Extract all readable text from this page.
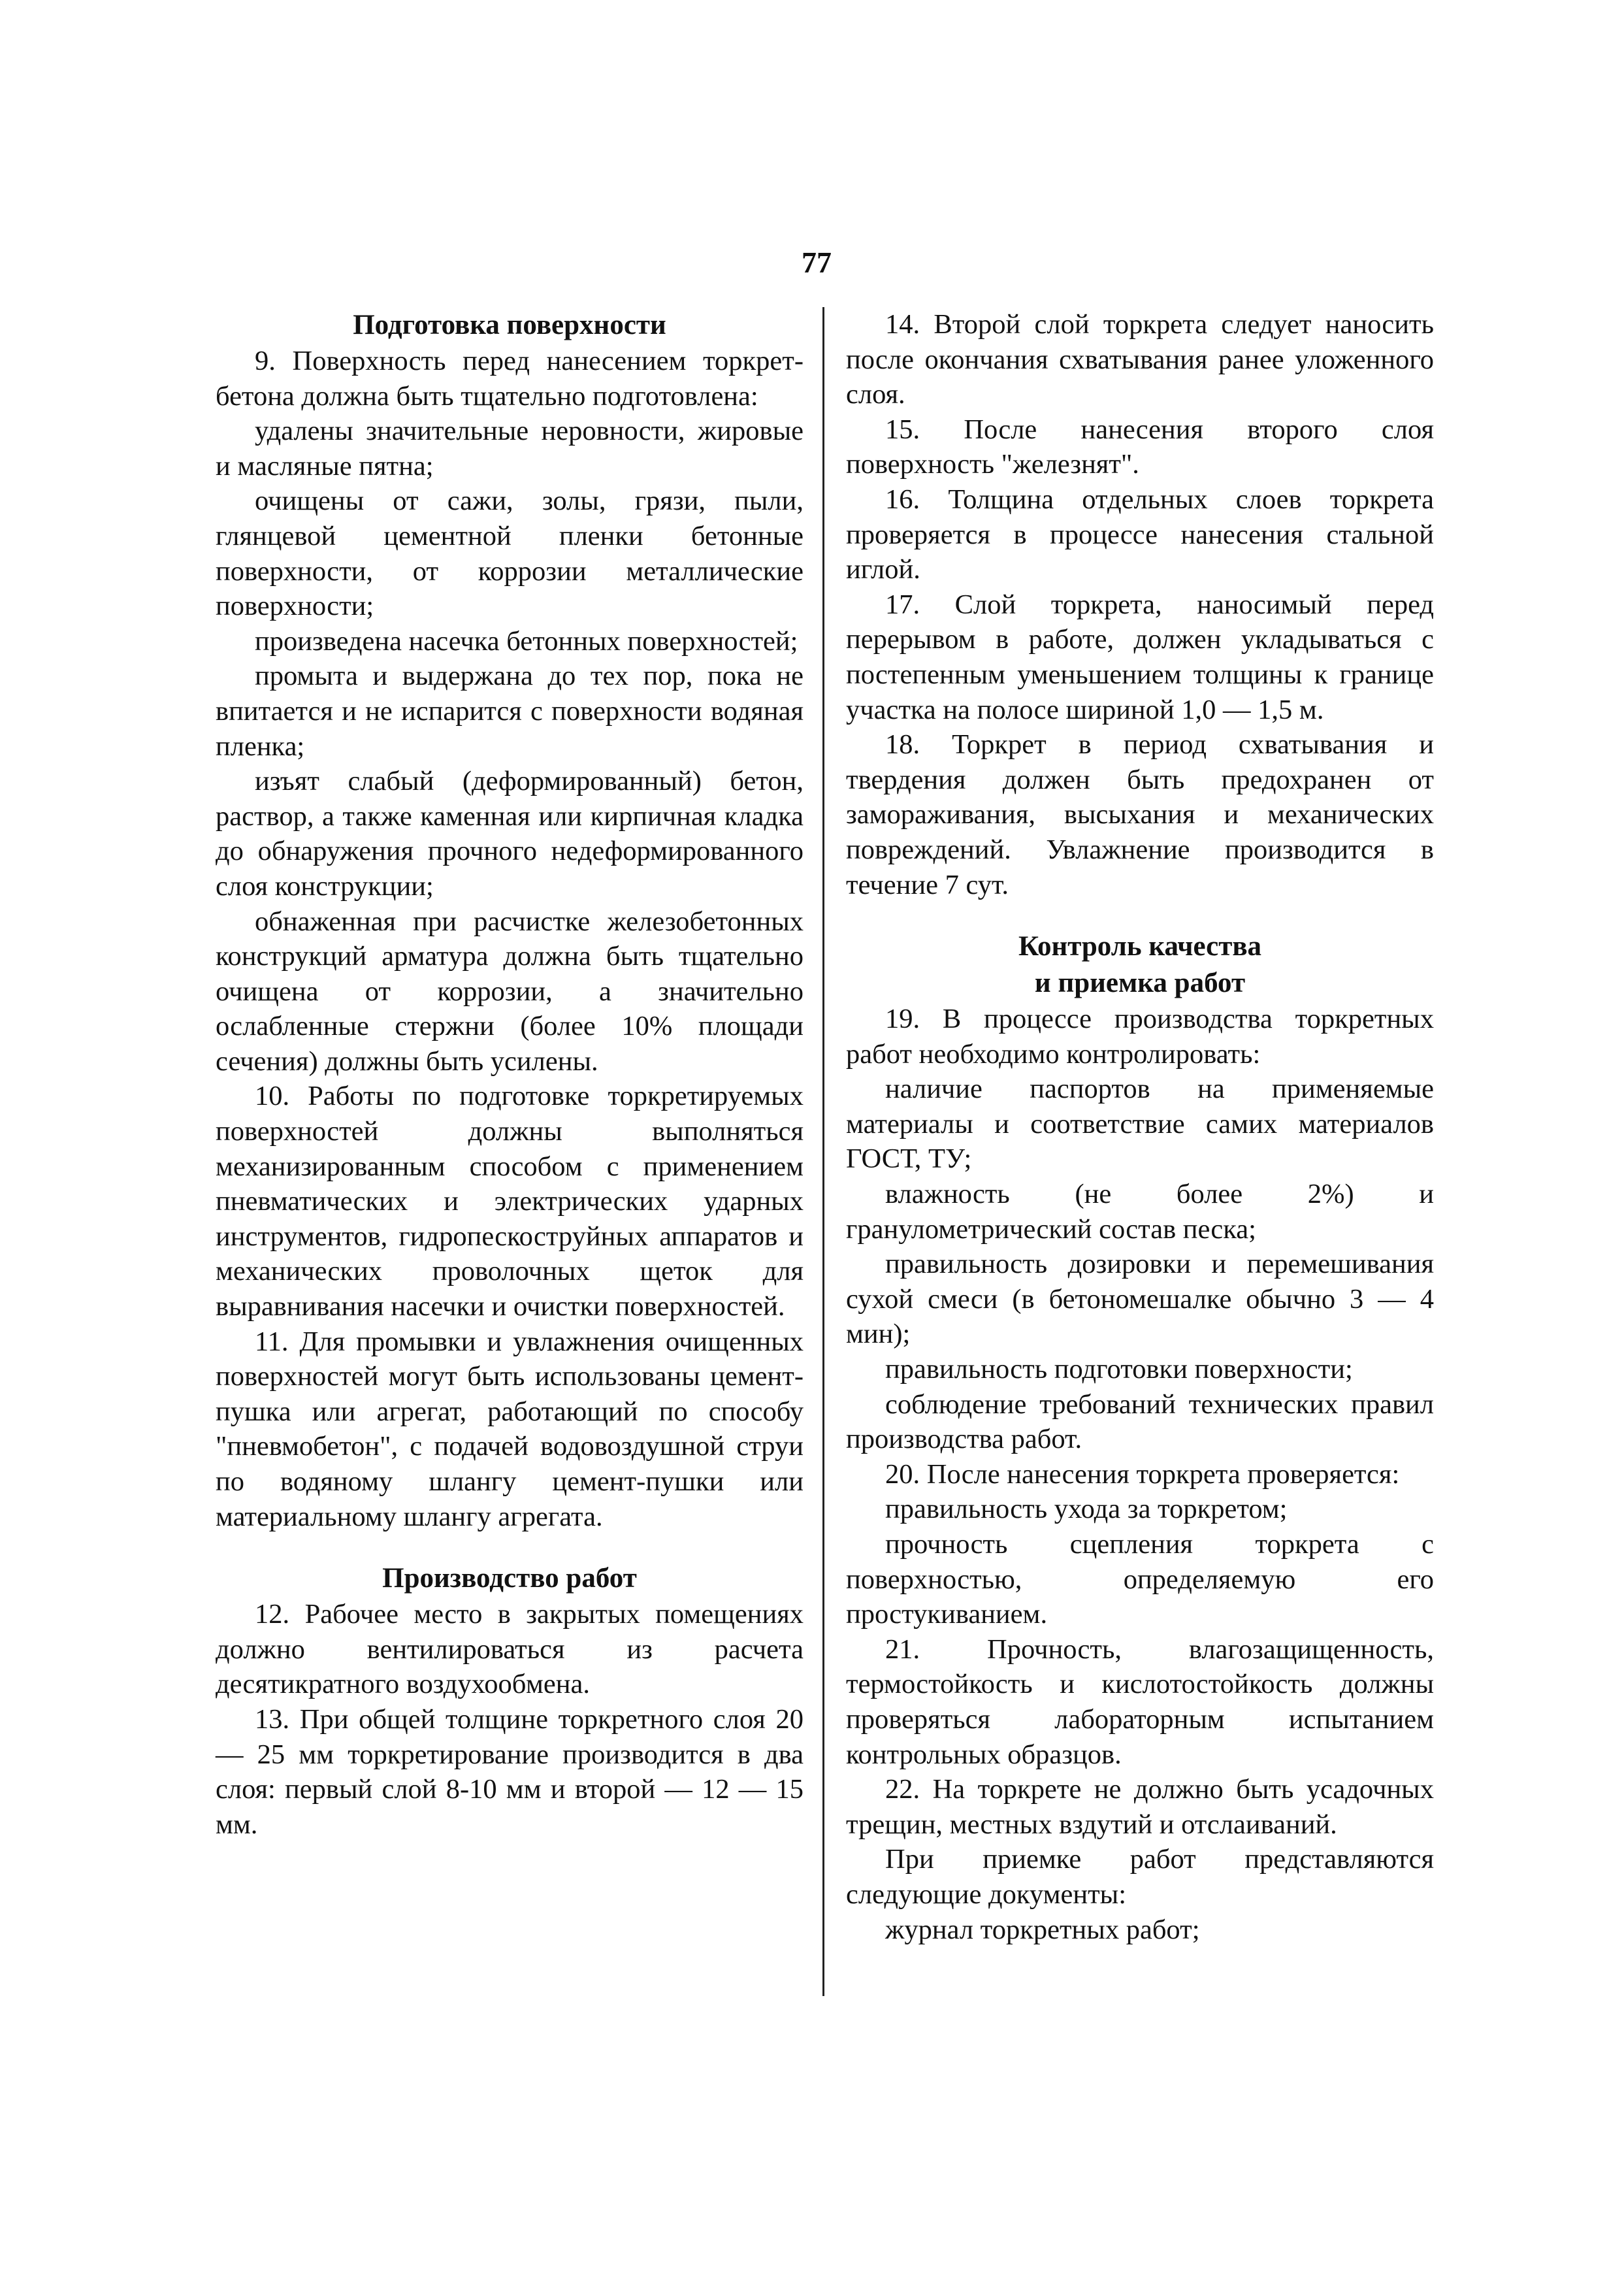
77
Подготовка поверхности

9. Поверхность перед нанесением торкрет-бетона должна быть тщательно подготовлена:

удалены значительные неровности, жировые и масляные пятна;

очищены от сажи, золы, грязи, пыли, глянцевой цементной пленки бетонные поверхности, от коррозии металлические поверхности;

произведена насечка бетонных поверхностей;

промыта и выдержана до тех пор, пока не впитается и не испарится с поверхности водяная пленка;

изъят слабый (деформированный) бетон, раствор, а также каменная или кирпичная кладка до обнаружения прочного недеформированного слоя конструкции;

обнаженная при расчистке железобетонных конструкций арматура должна быть тщательно очищена от коррозии, а значительно ослабленные стержни (более 10% площади сечения) должны быть усилены.

10. Работы по подготовке торкретируемых поверхностей должны выполняться механизированным способом с применением пневматических и электрических ударных инструментов, гидропескоструйных аппаратов и механических проволочных щеток для выравнивания насечки и очистки поверхностей.

11. Для промывки и увлажнения очищенных поверхностей могут быть использованы цемент-пушка или агрегат, работающий по способу "пневмобетон", с подачей водовоздушной струи по водяному шлангу цемент-пушки или материальному шлангу агрегата.

Производство работ

12. Рабочее место в закрытых помещениях должно вентилироваться из расчета десятикратного воздухообмена.

13. При общей толщине торкретного слоя 20 — 25 мм торкретирование производится в два слоя: первый слой 8-10 мм и второй — 12 — 15 мм.

14. Второй слой торкрета следует наносить после окончания схватывания ранее уложенного слоя.

15. После нанесения второго слоя поверхность "железнят".

16. Толщина отдельных слоев торкрета проверяется в процессе нанесения стальной иглой.

17. Слой торкрета, наносимый перед перерывом в работе, должен укладываться с постепенным уменьшением толщины к границе участка на полосе шириной 1,0 — 1,5 м.

18. Торкрет в период схватывания и твердения должен быть предохранен от замораживания, высыхания и механических повреждений. Увлажнение производится в течение 7 сут.

Контроль качества
и приемка работ

19. В процессе производства торкретных работ необходимо контролировать:

наличие паспортов на применяемые материалы и соответствие самих материалов ГОСТ, ТУ;

влажность (не более 2%) и гранулометрический состав песка;

правильность дозировки и перемешивания сухой смеси (в бетономешалке обычно 3 — 4 мин);

правильность подготовки поверхности;

соблюдение требований технических правил производства работ.

20. После нанесения торкрета проверяется:

правильность ухода за торкретом;

прочность сцепления торкрета с поверхностью, определяемую его простукиванием.

21. Прочность, влагозащищенность, термостойкость и кислотостойкость должны проверяться лабораторным испытанием контрольных образцов.

22. На торкрете не должно быть усадочных трещин, местных вздутий и отслаиваний.

При приемке работ представляются следующие документы:

журнал торкретных работ;
